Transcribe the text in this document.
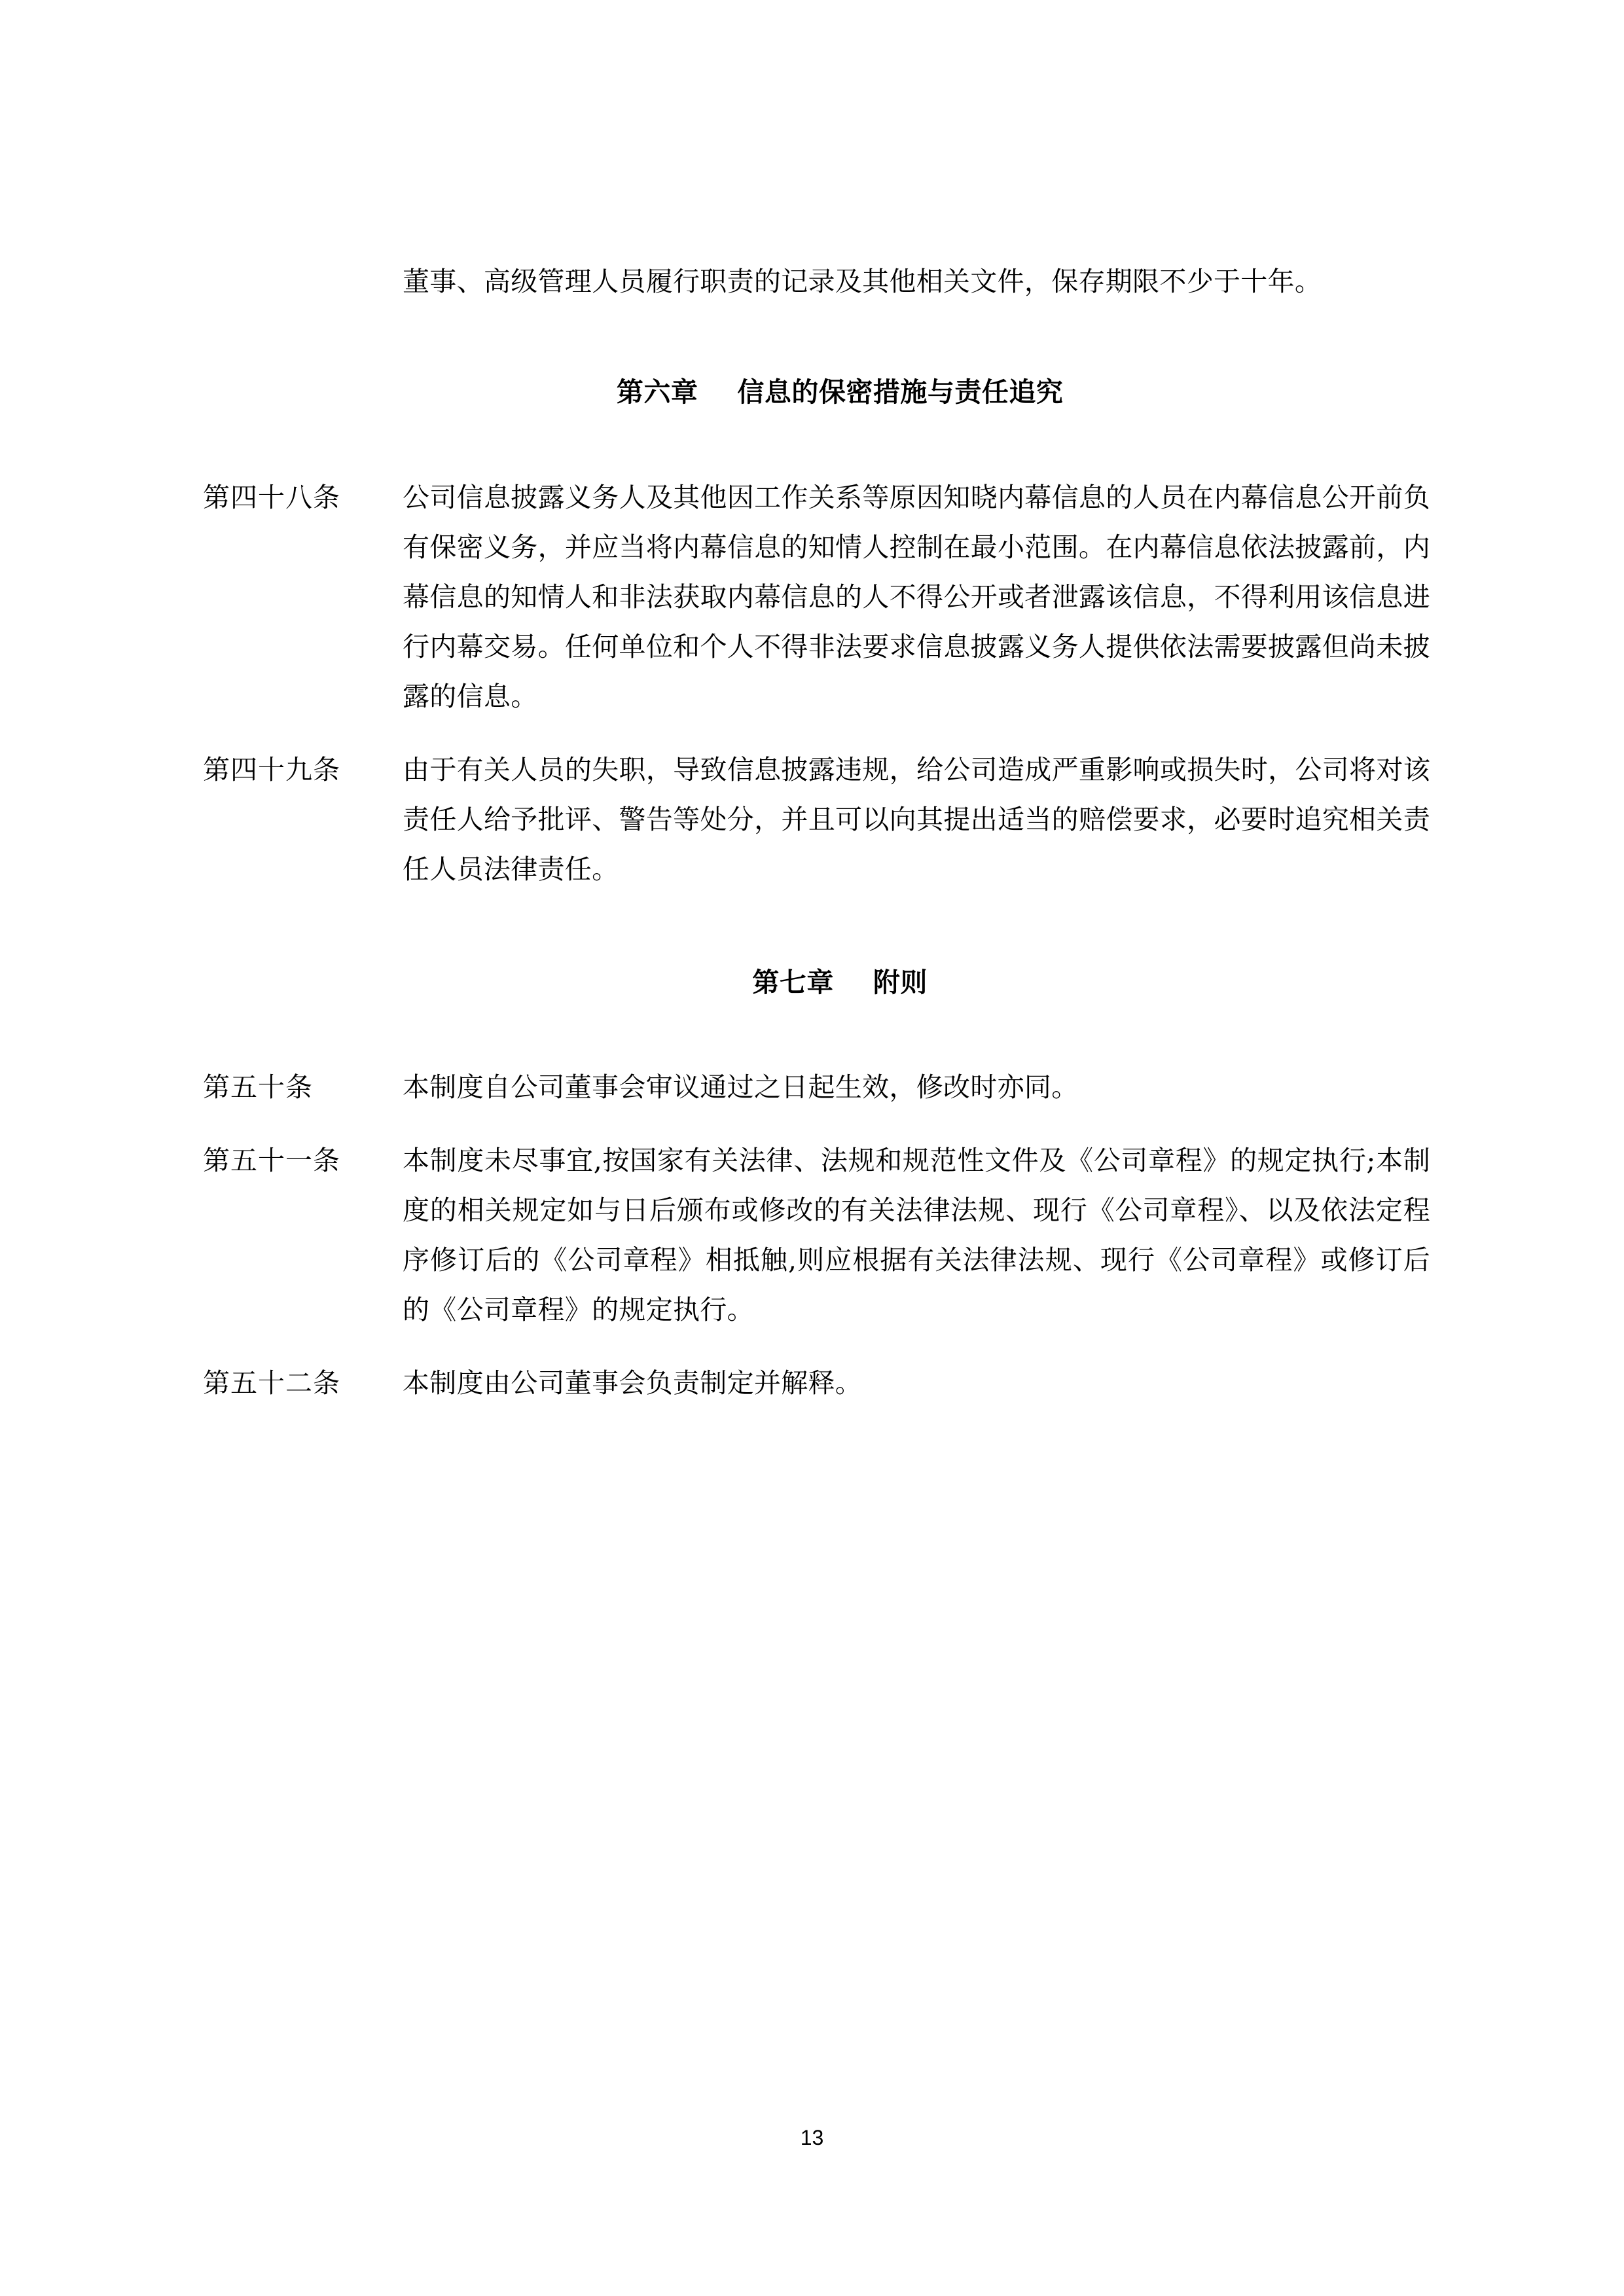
董事、高级管理人员履行职责的记录及其他相关文件，保存期限不少于十年。

第六章 信息的保密措施与责任追究

第四十八条	公司信息披露义务人及其他因工作关系等原因知晓内幕信息的人员在内幕信息公开前负有保密义务，并应当将内幕信息的知情人控制在最小范围。在内幕信息依法披露前，内幕信息的知情人和非法获取内幕信息的人不得公开或者泄露该信息，不得利用该信息进行内幕交易。任何单位和个人不得非法要求信息披露义务人提供依法需要披露但尚未披露的信息。
第四十九条	由于有关人员的失职，导致信息披露违规，给公司造成严重影响或损失时，公司将对该责任人给予批评、警告等处分，并且可以向其提出适当的赔偿要求，必要时追究相关责任人员法律责任。

第七章 附则

第五十条	本制度自公司董事会审议通过之日起生效，修改时亦同。
第五十一条	本制度未尽事宜,按国家有关法律、法规和规范性文件及《公司章程》的规定执行;本制度的相关规定如与日后颁布或修改的有关法律法规、现行《公司章程》、以及依法定程序修订后的《公司章程》相抵触,则应根据有关法律法规、现行《公司章程》或修订后的《公司章程》的规定执行。
第五十二条	本制度由公司董事会负责制定并解释。
13
